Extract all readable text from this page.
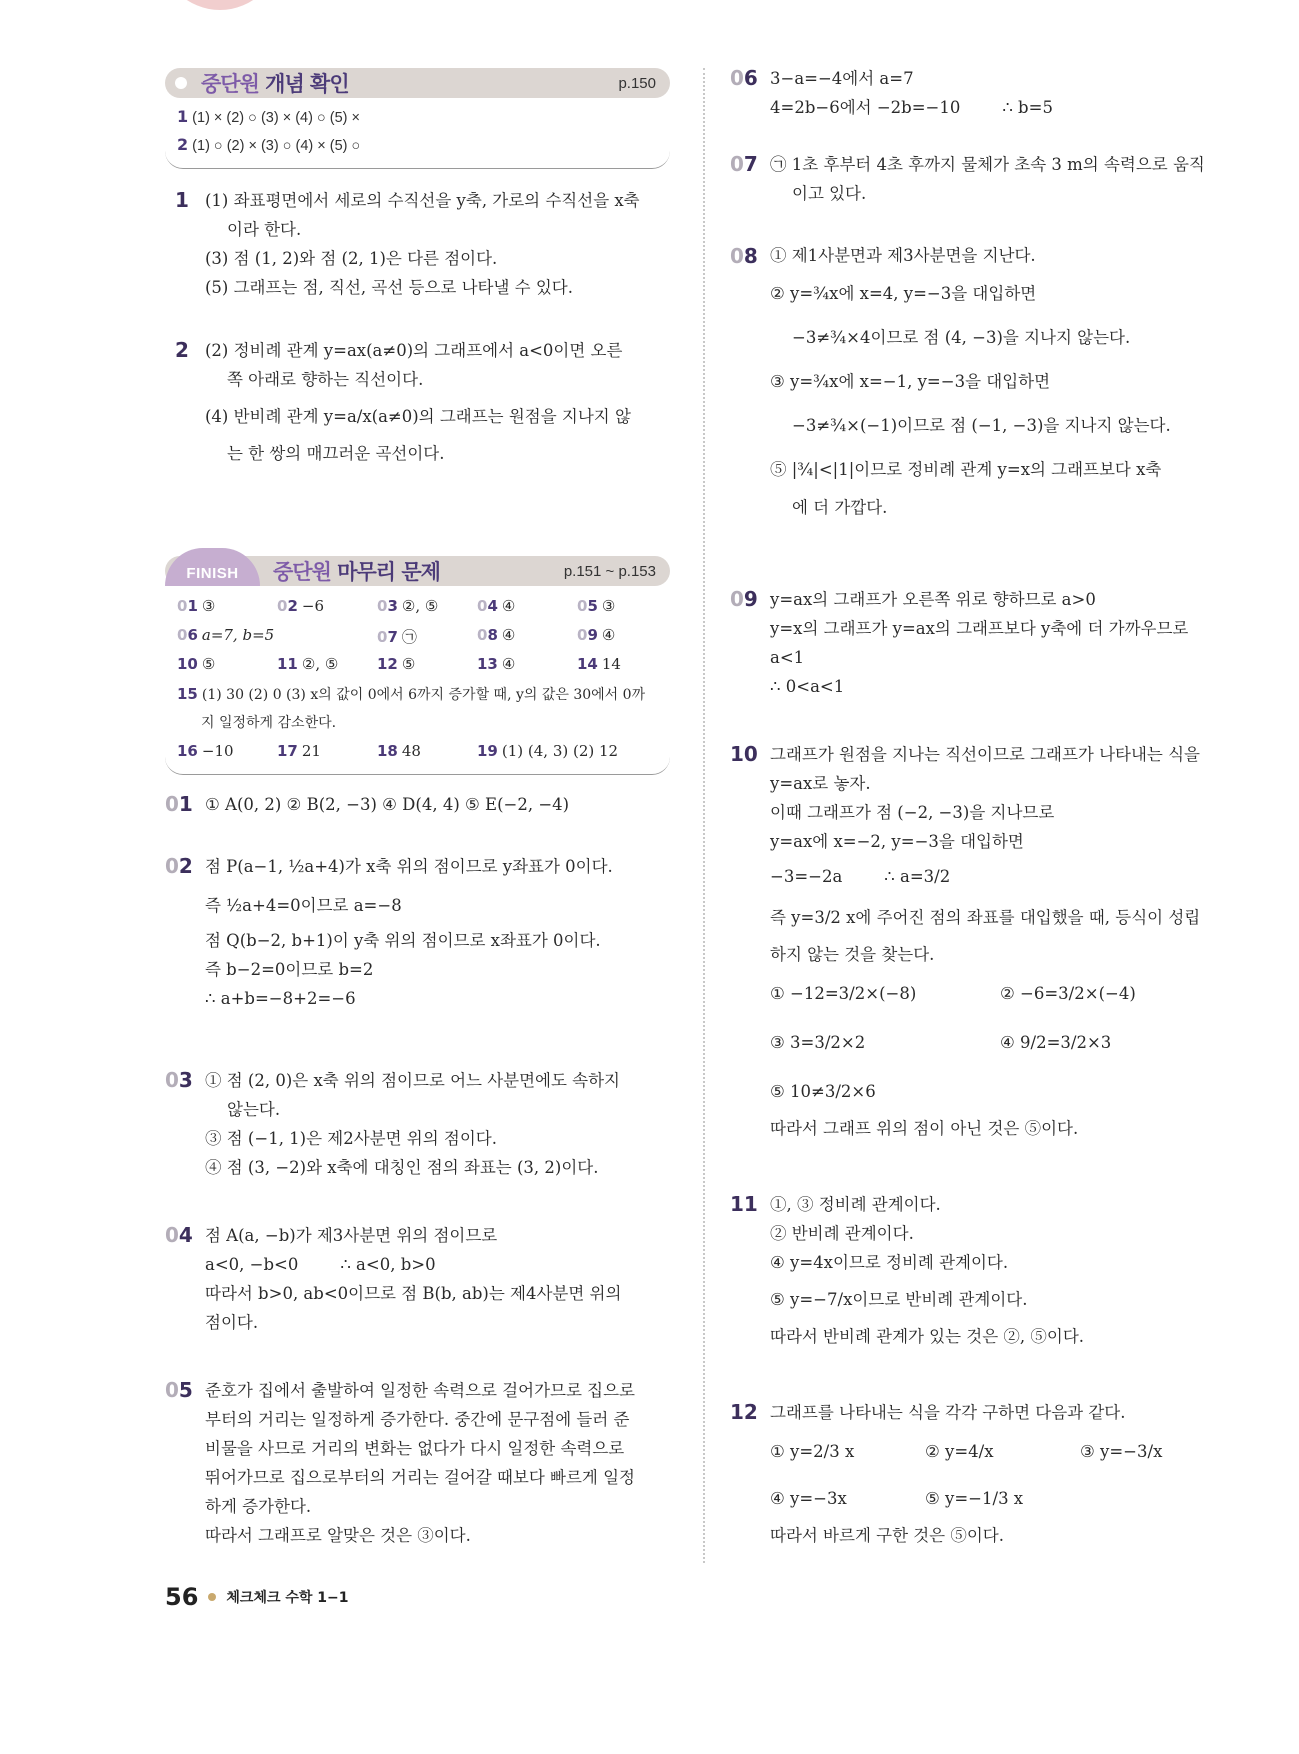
중단원 개념 확인	p.150
1 (1) × (2) ○ (3) × (4) ○ (5) ×
2 (1) ○ (2) × (3) ○ (4) × (5) ○
1 (1) 좌표평면에서 세로의 수직선을 y축, 가로의 수직선을 x축
이라 한다.
(3) 점 (1, 2)와 점 (2, 1)은 다른 점이다.
(5) 그래프는 점, 직선, 곡선 등으로 나타낼 수 있다.
2 (2) 정비례 관계 y=ax(a≠0)의 그래프에서 a<0이면 오른
쪽 아래로 향하는 직선이다.
(4) 반비례 관계 y=a/x(a≠0)의 그래프는 원점을 지나지 않
는 한 쌍의 매끄러운 곡선이다.
FINISH 중단원 마무리 문제	p.151 ~ p.153
01 ③	02 −6	03 ②, ⑤	04 ④	05 ③
06 a=7, b=5	07 ㉠	08 ④	09 ④
10 ⑤	11 ②, ⑤	12 ⑤	13 ④	14 14
15 (1) 30 (2) 0 (3) x의 값이 0에서 6까지 증가할 때, y의 값은 30에서 0까
지 일정하게 감소한다.
16 −10	17 21	18 48	19 (1) (4, 3) (2) 12
01 ① A(0, 2) ② B(2, −3) ④ D(4, 4) ⑤ E(−2, −4)
02 점 P(a−1, ½a+4)가 x축 위의 점이므로 y좌표가 0이다.
즉 ½a+4=0이므로 a=−8
점 Q(b−2, b+1)이 y축 위의 점이므로 x좌표가 0이다.
즉 b−2=0이므로 b=2
∴ a+b=−8+2=−6
03 ① 점 (2, 0)은 x축 위의 점이므로 어느 사분면에도 속하지
않는다.
③ 점 (−1, 1)은 제2사분면 위의 점이다.
④ 점 (3, −2)와 x축에 대칭인 점의 좌표는 (3, 2)이다.
04 점 A(a, −b)가 제3사분면 위의 점이므로
a<0, −b<0        ∴ a<0, b>0
따라서 b>0, ab<0이므로 점 B(b, ab)는 제4사분면 위의
점이다.
05 준호가 집에서 출발하여 일정한 속력으로 걸어가므로 집으로
부터의 거리는 일정하게 증가한다. 중간에 문구점에 들러 준
비물을 사므로 거리의 변화는 없다가 다시 일정한 속력으로
뛰어가므로 집으로부터의 거리는 걸어갈 때보다 빠르게 일정
하게 증가한다.
따라서 그래프로 알맞은 것은 ③이다.
06 3−a=−4에서 a=7
4=2b−6에서 −2b=−10        ∴ b=5
07 ㉠ 1초 후부터 4초 후까지 물체가 초속 3 m의 속력으로 움직
이고 있다.
08 ① 제1사분면과 제3사분면을 지난다.
② y=¾x에 x=4, y=−3을 대입하면
−3≠¾×4이므로 점 (4, −3)을 지나지 않는다.
③ y=¾x에 x=−1, y=−3을 대입하면
−3≠¾×(−1)이므로 점 (−1, −3)을 지나지 않는다.
⑤ |¾|<|1|이므로 정비례 관계 y=x의 그래프보다 x축
에 더 가깝다.
09 y=ax의 그래프가 오른쪽 위로 향하므로 a>0
y=x의 그래프가 y=ax의 그래프보다 y축에 더 가까우므로
a<1
∴ 0<a<1
10 그래프가 원점을 지나는 직선이므로 그래프가 나타내는 식을
y=ax로 놓자.
이때 그래프가 점 (−2, −3)을 지나므로
y=ax에 x=−2, y=−3을 대입하면
−3=−2a        ∴ a=3/2
즉 y=3/2 x에 주어진 점의 좌표를 대입했을 때, 등식이 성립
하지 않는 것을 찾는다.
① −12=3/2×(−8)	② −6=3/2×(−4)
③ 3=3/2×2	④ 9/2=3/2×3
⑤ 10≠3/2×6
따라서 그래프 위의 점이 아닌 것은 ⑤이다.
11 ①, ③ 정비례 관계이다.
② 반비례 관계이다.
④ y=4x이므로 정비례 관계이다.
⑤ y=−7/x이므로 반비례 관계이다.
따라서 반비례 관계가 있는 것은 ②, ⑤이다.
12 그래프를 나타내는 식을 각각 구하면 다음과 같다.
① y=2/3 x	② y=4/x	③ y=−3/x
④ y=−3x	⑤ y=−1/3 x
따라서 바르게 구한 것은 ⑤이다.
56 체크체크 수학 1−1
